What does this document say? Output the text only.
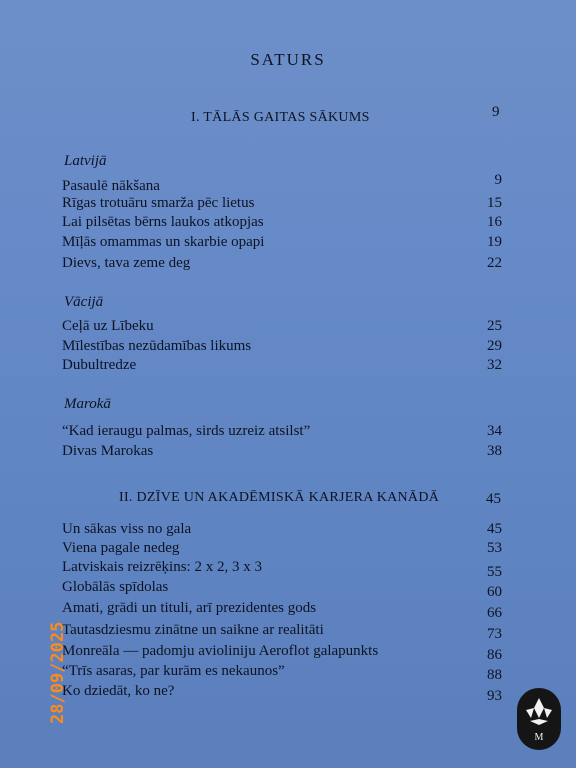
SATURS
I. TĀLĀS GAITAS SĀKUMS	9
Latvijā
Pasaulē nākšana	9
Rīgas trotuāru smarža pēc lietus	15
Lai pilsētas bērns laukos atkopjas	16
Mīļās omammas un skarbie opapi	19
Dievs, tava zeme deg	22
Vācijā
Ceļā uz Lībeku	25
Mīlestības nezūdamības likums	29
Dubultredze	32
Marokā
“Kad ieraugu palmas, sirds uzreiz atsilst”	34
Divas Marokas	38
II. DZĪVE UN AKADĒMISKĀ KARJERA KANĀDĀ	45
Un sākas viss no gala	45
Viena pagale nedeg	53
Latviskais reizrēķins: 2 x 2, 3 x 3	55
Globālās spīdolas	60
Amati, grādi un tituli, arī prezidentes gods	66
Tautasdziesmu zinātne un saikne ar realitāti	73
Monreāla — padomju avioliniju Aeroflot galapunkts	86
“Trīs asaras, par kurām es nekaunos”	88
Ko dziedāt, ko ne?	93
28/09/2025
M
